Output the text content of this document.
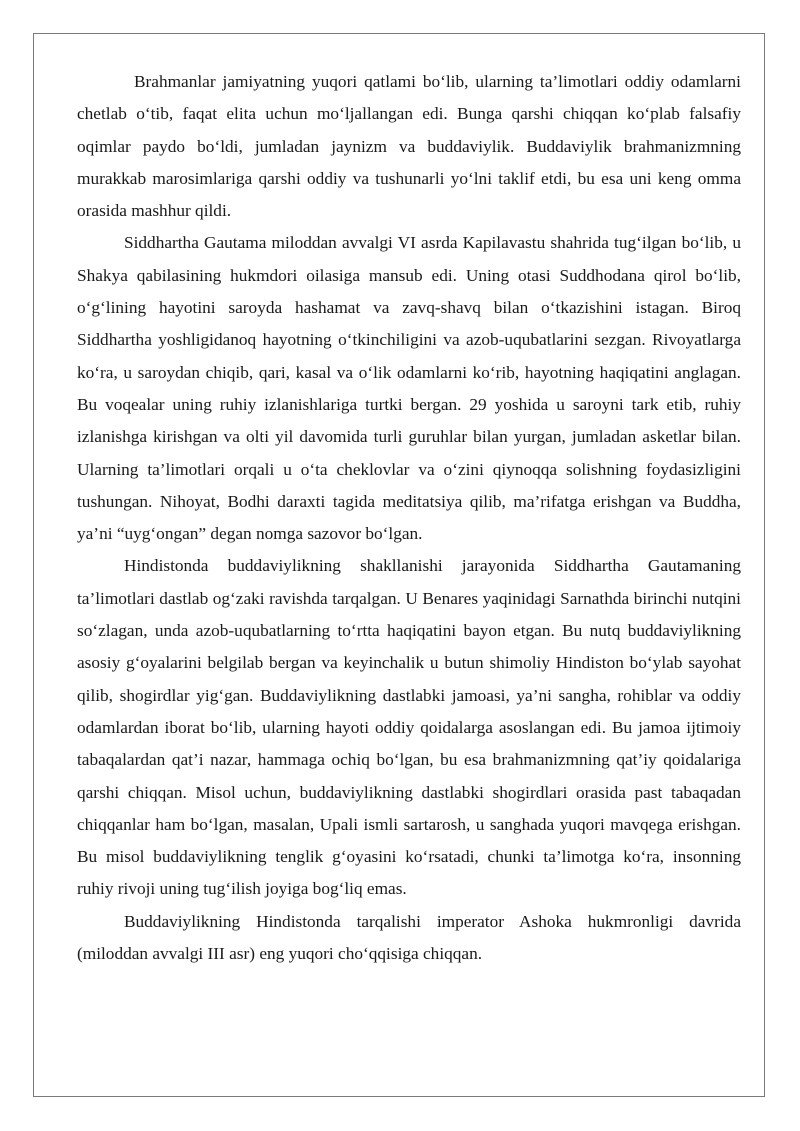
Brahmanlar jamiyatning yuqori qatlami bo‘lib, ularning ta’limotlari oddiy odamlarni chetlab o‘tib, faqat elita uchun mo‘ljallangan edi. Bunga qarshi chiqqan ko‘plab falsafiy oqimlar paydo bo‘ldi, jumladan jaynizm va buddaviylik. Buddaviylik brahmanizmning murakkab marosimlariga qarshi oddiy va tushunarli yo‘lni taklif etdi, bu esa uni keng omma orasida mashhur qildi.

Siddhartha Gautama miloddan avvalgi VI asrda Kapilavastu shahrida tug‘ilgan bo‘lib, u Shakya qabilasining hukmdori oilasiga mansub edi. Uning otasi Suddhodana qirol bo‘lib, o‘g‘lining hayotini saroyda hashamat va zavq-shavq bilan o‘tkazishini istagan. Biroq Siddhartha yoshligidanoq hayotning o‘tkinchiligini va azob-uqubatlarini sezgan. Rivoyatlarga ko‘ra, u saroydan chiqib, qari, kasal va o‘lik odamlarni ko‘rib, hayotning haqiqatini anglagan. Bu voqealar uning ruhiy izlanishlariga turtki bergan. 29 yoshida u saroyni tark etib, ruhiy izlanishga kirishgan va olti yil davomida turli guruhlar bilan yurgan, jumladan asketlar bilan. Ularning ta’limotlari orqali u o‘ta cheklovlar va o‘zini qiynoqqa solishning foydasizligini tushungan. Nihoyat, Bodhi daraxti tagida meditatsiya qilib, ma’rifatga erishgan va Buddha, ya’ni “uyg‘ongan” degan nomga sazovor bo‘lgan.

Hindistonda buddaviylikning shakllanishi jarayonida Siddhartha Gautamaning ta’limotlari dastlab og‘zaki ravishda tarqalgan. U Benares yaqinidagi Sarnathda birinchi nutqini so‘zlagan, unda azob-uqubatlarning to‘rtta haqiqatini bayon etgan. Bu nutq buddaviylikning asosiy g‘oyalarini belgilab bergan va keyinchalik u butun shimoliy Hindiston bo‘ylab sayohat qilib, shogirdlar yig‘gan. Buddaviylikning dastlabki jamoasi, ya’ni sangha, rohiblar va oddiy odamlardan iborat bo‘lib, ularning hayoti oddiy qoidalarga asoslangan edi. Bu jamoa ijtimoiy tabaqalardan qat’i nazar, hammaga ochiq bo‘lgan, bu esa brahmanizmning qat’iy qoidalariga qarshi chiqqan. Misol uchun, buddaviylikning dastlabki shogirdlari orasida past tabaqadan chiqqanlar ham bo‘lgan, masalan, Upali ismli sartarosh, u sanghada yuqori mavqega erishgan. Bu misol buddaviylikning tenglik g‘oyasini ko‘rsatadi, chunki ta’limotga ko‘ra, insonning ruhiy rivoji uning tug‘ilish joyiga bog‘liq emas.

Buddaviylikning Hindistonda tarqalishi imperator Ashoka hukmronligi davrida (miloddan avvalgi III asr) eng yuqori cho‘qqisiga chiqqan.
